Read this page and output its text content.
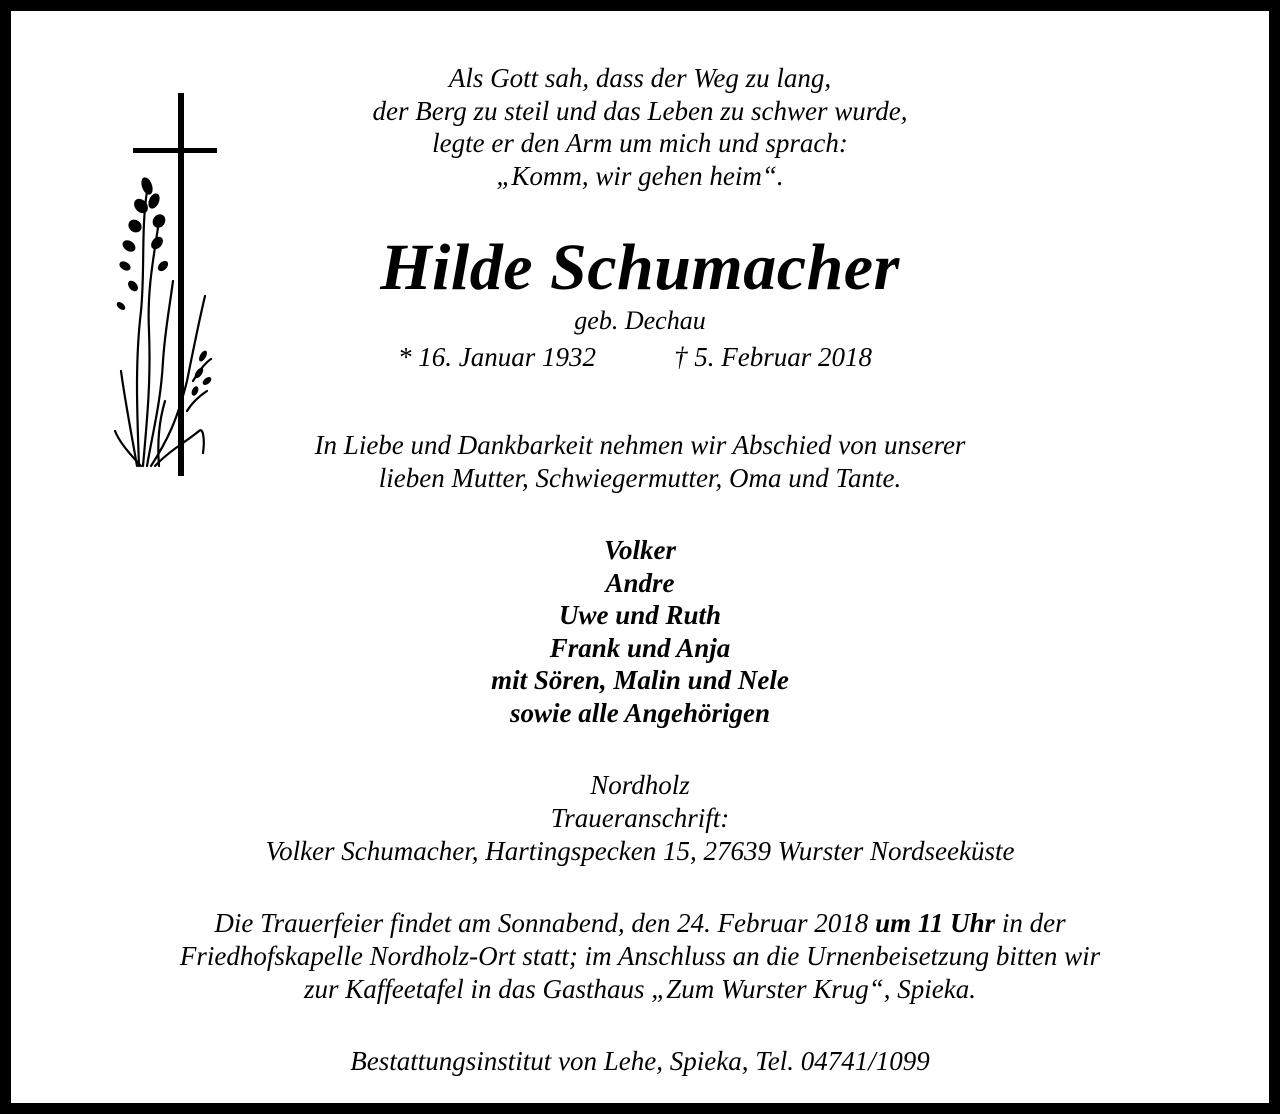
Als Gott sah, dass der Weg zu lang,
der Berg zu steil und das Leben zu schwer wurde,
legte er den Arm um mich und sprach:
„Komm, wir gehen heim“.
Hilde Schumacher
geb. Dechau
* 16. Januar 1932	† 5. Februar 2018
In Liebe und Dankbarkeit nehmen wir Abschied von unserer
lieben Mutter, Schwiegermutter, Oma und Tante.
Volker
Andre
Uwe und Ruth
Frank und Anja
mit Sören, Malin und Nele
sowie alle Angehörigen
Nordholz
Traueranschrift:
Volker Schumacher, Hartingspecken 15, 27639 Wurster Nordseeküste
Die Trauerfeier findet am Sonnabend, den 24. Februar 2018 um 11 Uhr in der
Friedhofskapelle Nordholz-Ort statt; im Anschluss an die Urnenbeisetzung bitten wir
zur Kaffeetafel in das Gasthaus „Zum Wurster Krug“, Spieka.
Bestattungsinstitut von Lehe, Spieka, Tel. 04741/1099
